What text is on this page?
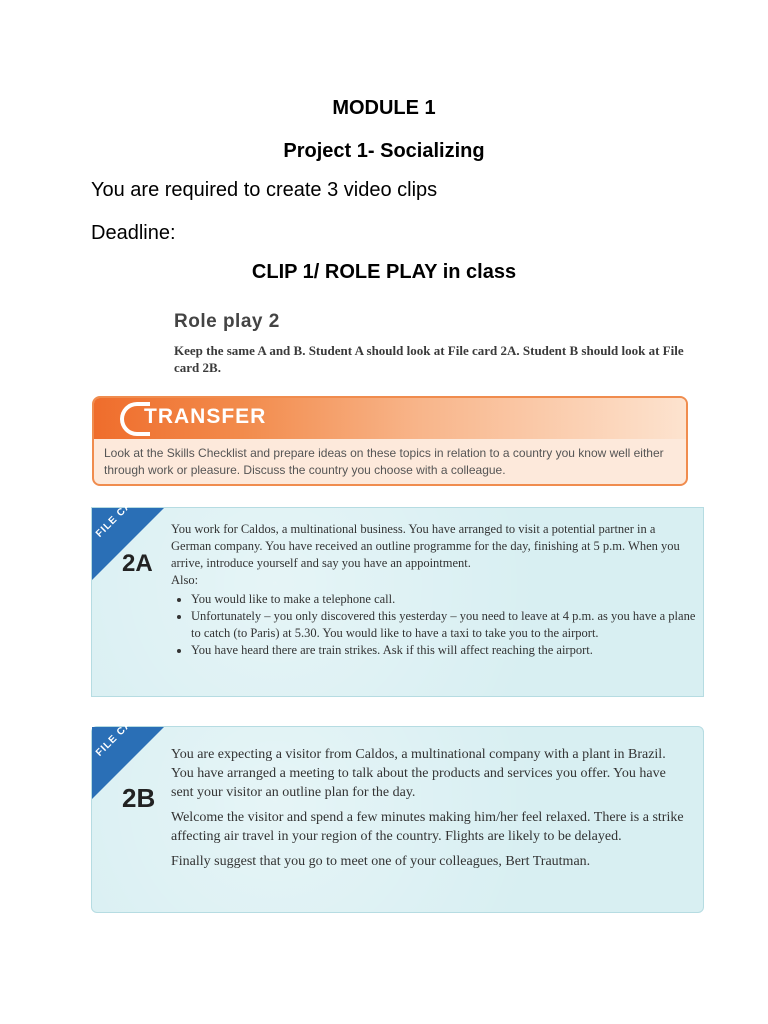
MODULE 1
Project 1- Socializing
You are required to create 3 video clips
Deadline:
CLIP 1/ ROLE PLAY in class
Role play 2
Keep the same A and B. Student A should look at File card 2A. Student B should look at File card 2B.
TRANSFER
Look at the Skills Checklist and prepare ideas on these topics in relation to a country you know well either through work or pleasure. Discuss the country you choose with a colleague.
FILE CARD
2A
You work for Caldos, a multinational business. You have arranged to visit a potential partner in a German company. You have received an outline programme for the day, finishing at 5 p.m. When you arrive, introduce yourself and say you have an appointment.
Also:
• You would like to make a telephone call.
• Unfortunately – you only discovered this yesterday – you need to leave at 4 p.m. as you have a plane to catch (to Paris) at 5.30. You would like to have a taxi to take you to the airport.
• You have heard there are train strikes. Ask if this will affect reaching the airport.
FILE CARD
2B

You are expecting a visitor from Caldos, a multinational company with a plant in Brazil. You have arranged a meeting to talk about the products and services you offer. You have sent your visitor an outline plan for the day.

Welcome the visitor and spend a few minutes making him/her feel relaxed. There is a strike affecting air travel in your region of the country. Flights are likely to be delayed.

Finally suggest that you go to meet one of your colleagues, Bert Trautman.
